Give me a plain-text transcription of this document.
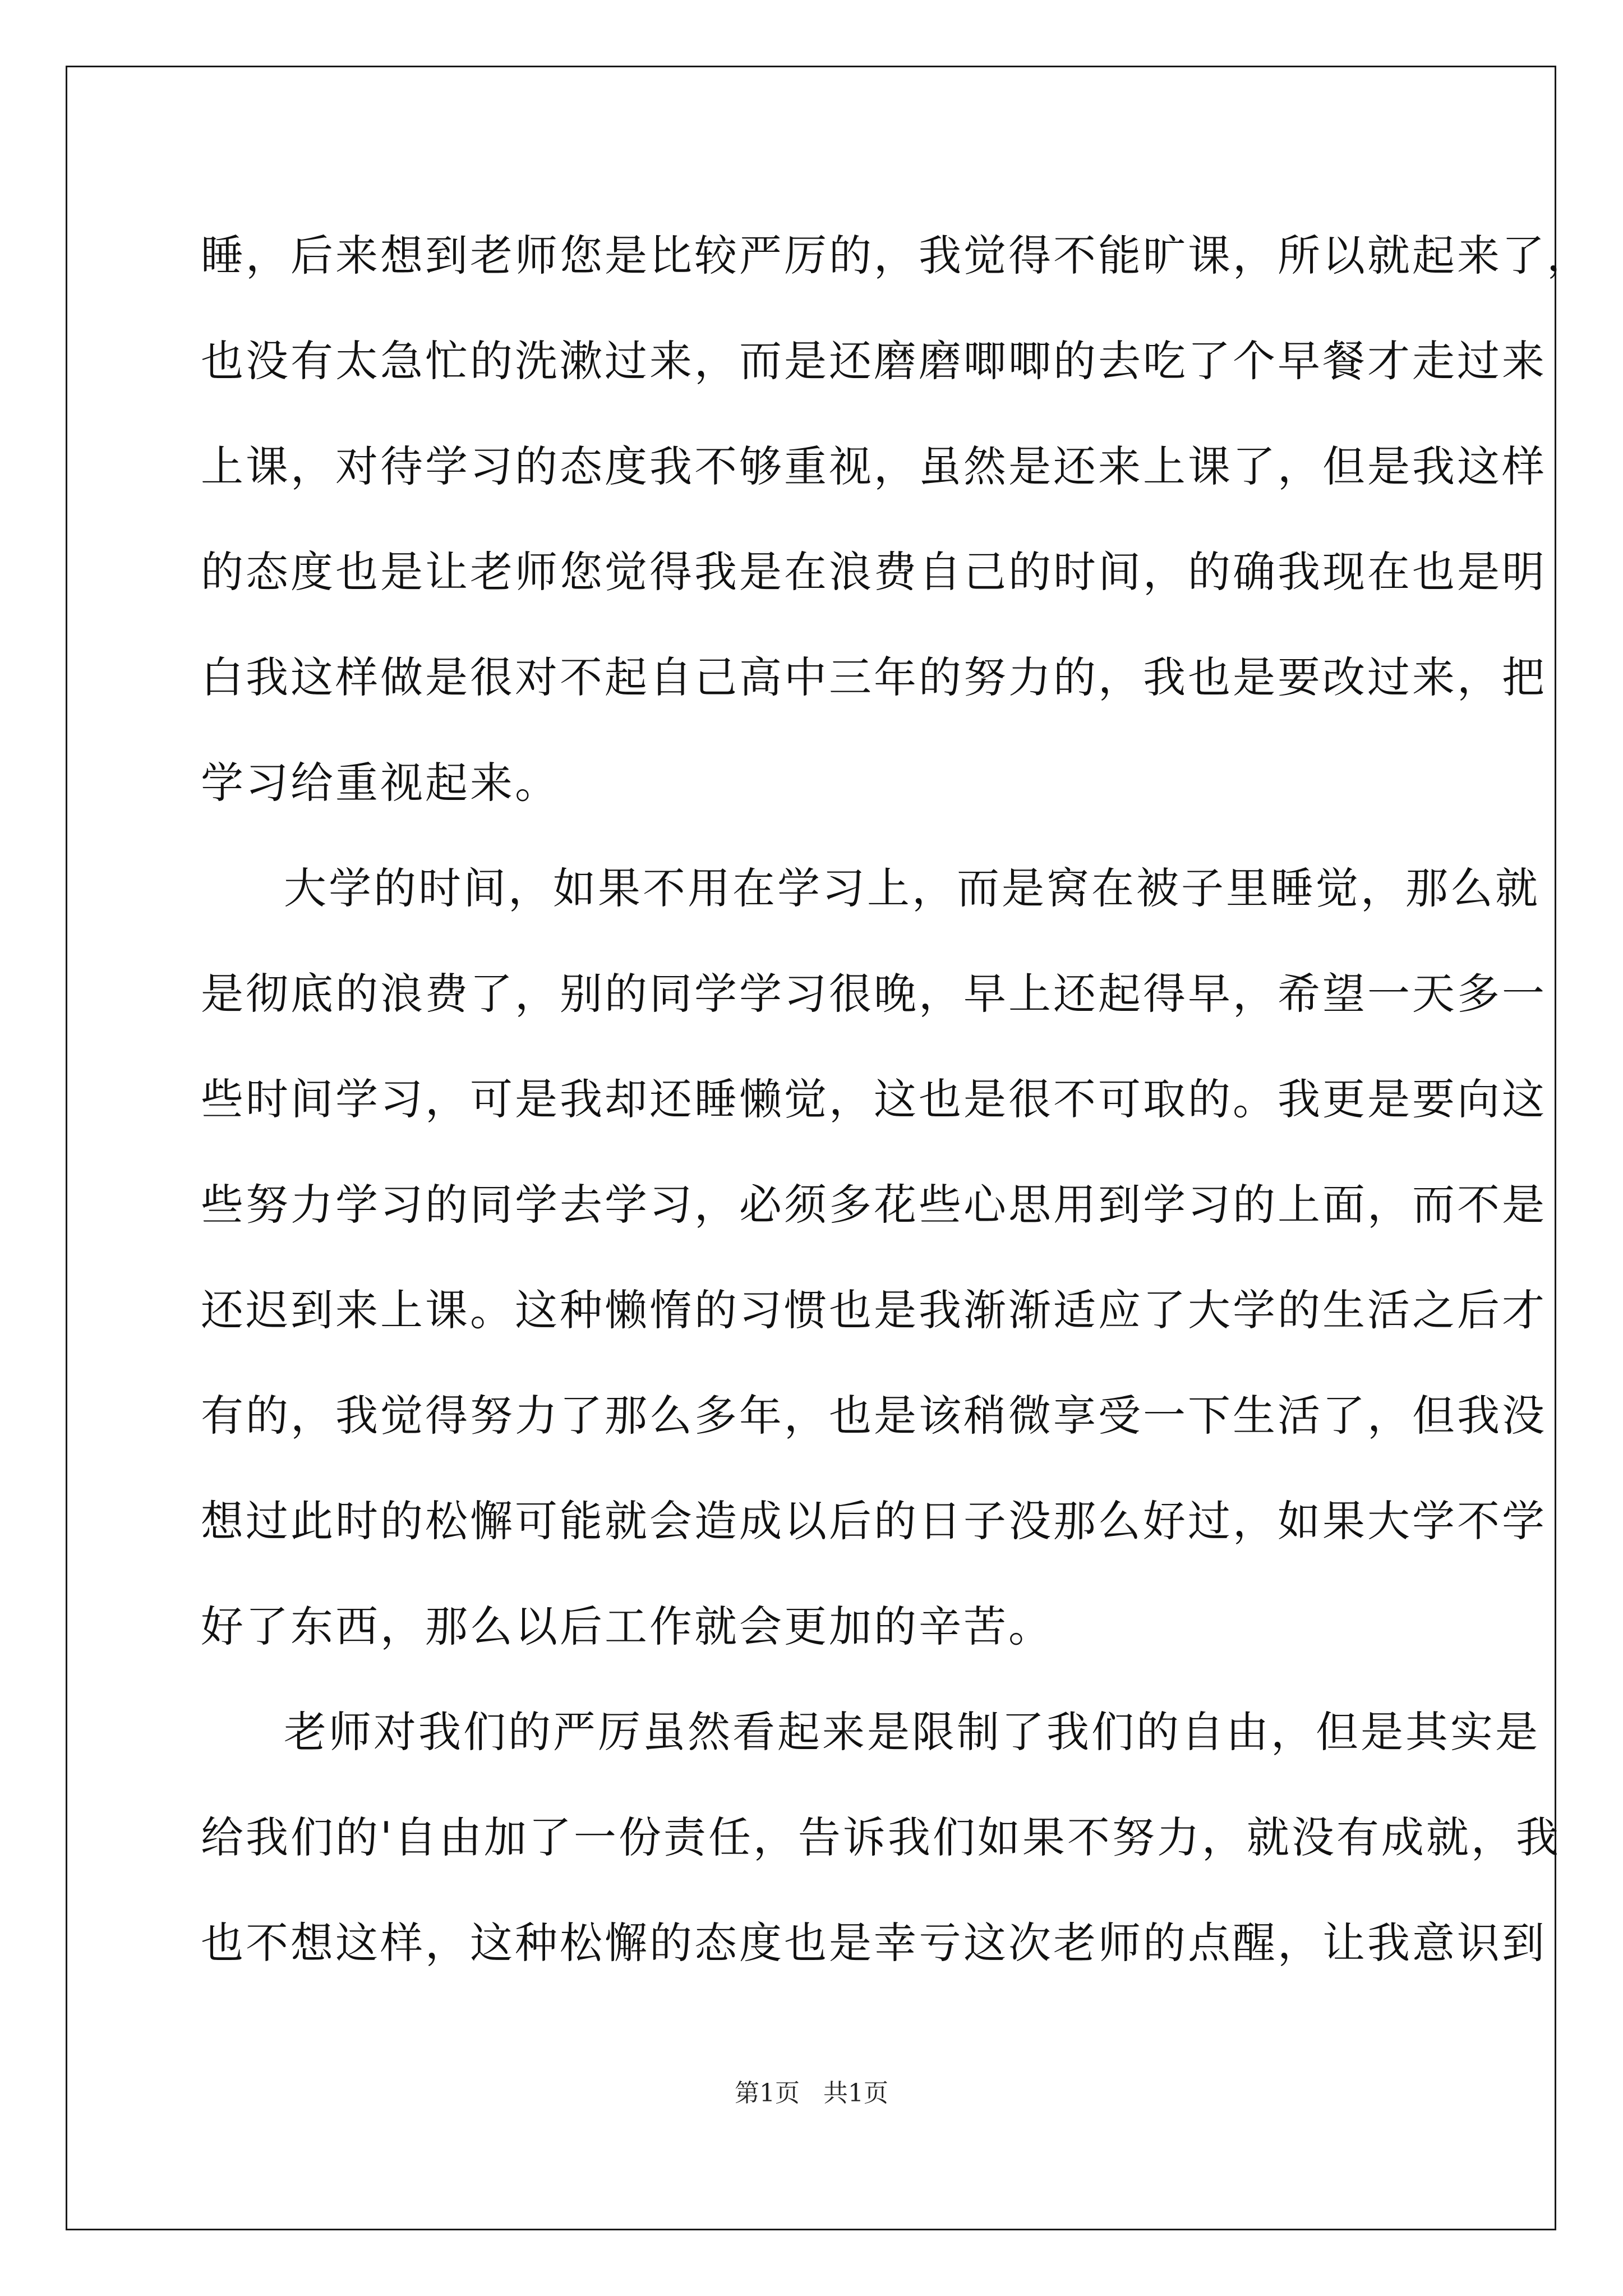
睡，后来想到老师您是比较严厉的，我觉得不能旷课，所以就起来了，
也没有太急忙的洗漱过来，而是还磨磨唧唧的去吃了个早餐才走过来
上课，对待学习的态度我不够重视，虽然是还来上课了，但是我这样
的态度也是让老师您觉得我是在浪费自己的时间，的确我现在也是明
白我这样做是很对不起自己高中三年的努力的，我也是要改过来，把
学习给重视起来。
大学的时间，如果不用在学习上，而是窝在被子里睡觉，那么就
是彻底的浪费了，别的同学学习很晚，早上还起得早，希望一天多一
些时间学习，可是我却还睡懒觉，这也是很不可取的。我更是要向这
些努力学习的同学去学习，必须多花些心思用到学习的上面，而不是
还迟到来上课。这种懒惰的习惯也是我渐渐适应了大学的生活之后才
有的，我觉得努力了那么多年，也是该稍微享受一下生活了，但我没
想过此时的松懈可能就会造成以后的日子没那么好过，如果大学不学
好了东西，那么以后工作就会更加的辛苦。
老师对我们的严厉虽然看起来是限制了我们的自由，但是其实是
给我们的'自由加了一份责任，告诉我们如果不努力，就没有成就，我
也不想这样，这种松懈的态度也是幸亏这次老师的点醒，让我意识到
第1页   共1页
